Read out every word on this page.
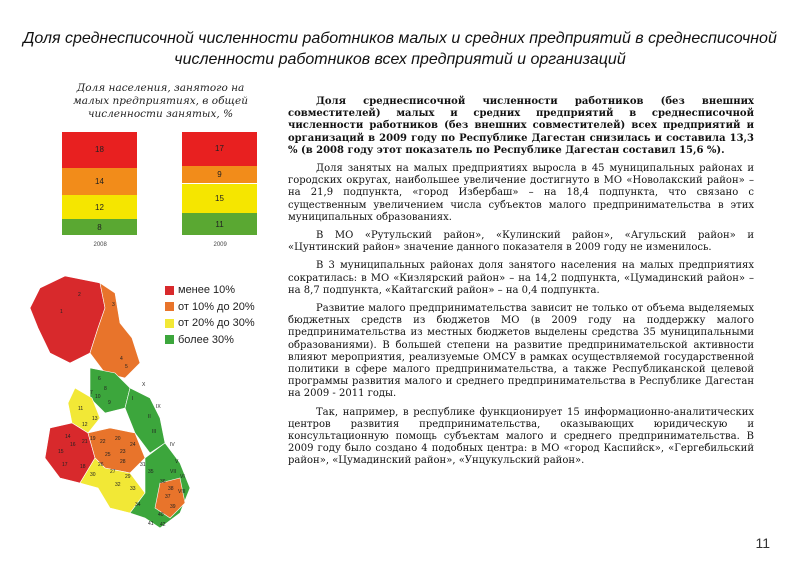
Доля среднесписочной численности работников малых и средних предприятий в среднесписочной численности работников всех предприятий и организаций
Доля населения, занятого на малых предприятиях, в общей численности занятых, %
8
12
14
18
2008
11
15
9
17
2009
1
2
3
4
5
6
7
8
9
10
11
12
13
14
15
16
17 18
19	20
21 22
23
24
25
26
27
28
29
30
31
32
33
34
35
36
37
38
39
40
41 42
I
II
III
IV
V
VI
VII
VIII
IX
X
менее 10%
от 10% до 20%
от 20% до 30%
более 30%

Доля среднесписочной численности работников (без внешних совместителей) малых и средних предприятий в среднесписочной численности работников (без внешних совместителей) всех предприятий и организаций в 2009 году по Республике Дагестан снизилась и составила 13,3 % (в 2008 году этот показатель по Республике Дагестан составил 15,6 %).

Доля занятых на малых предприятиях выросла в 45 муниципальных районах и городских округах, наибольшее увеличение достигнуто в МО «Новолакский район» – на 21,9 подпункта, «город Избербаш» – на 18,4 подпункта, что связано с существенным увеличением числа субъектов малого предпринимательства в этих муниципальных образованиях.

В МО «Рутульский район», «Кулинский район», «Агульский район» и «Цунтинский район» значение данного показателя в 2009 году не изменилось.

В 3 муниципальных районах доля занятого населения на малых предприятиях сократилась: в МО «Кизлярский район» – на 14,2 подпункта, «Цумадинский район» – на 8,7 подпункта, «Кайтагский район» – на 0,4 подпункта.

Развитие малого предпринимательства зависит не только от объема выделяемых бюджетных средств из бюджетов МО (в 2009 году на поддержку малого предпринимательства из местных бюджетов выделены средства 35 муниципальными образованиями). В большей степени на развитие предпринимательской активности влияют мероприятия, реализуемые ОМСУ в рамках осуществляемой государственной политики в сфере малого предпринимательства, а также Республиканской целевой программы развития малого и среднего предпринимательства в Республике Дагестан на 2009 - 2011 годы.

Так, например, в республике функционирует 15 информационно-аналитических центров развития предпринимательства, оказывающих юридическую и консультационную помощь субъектам малого и среднего предпринимательства. В 2009 году было создано 4 подобных центра: в МО «город Каспийск», «Гергебильский район», «Цумадинский район», «Унцукульский район».

11
